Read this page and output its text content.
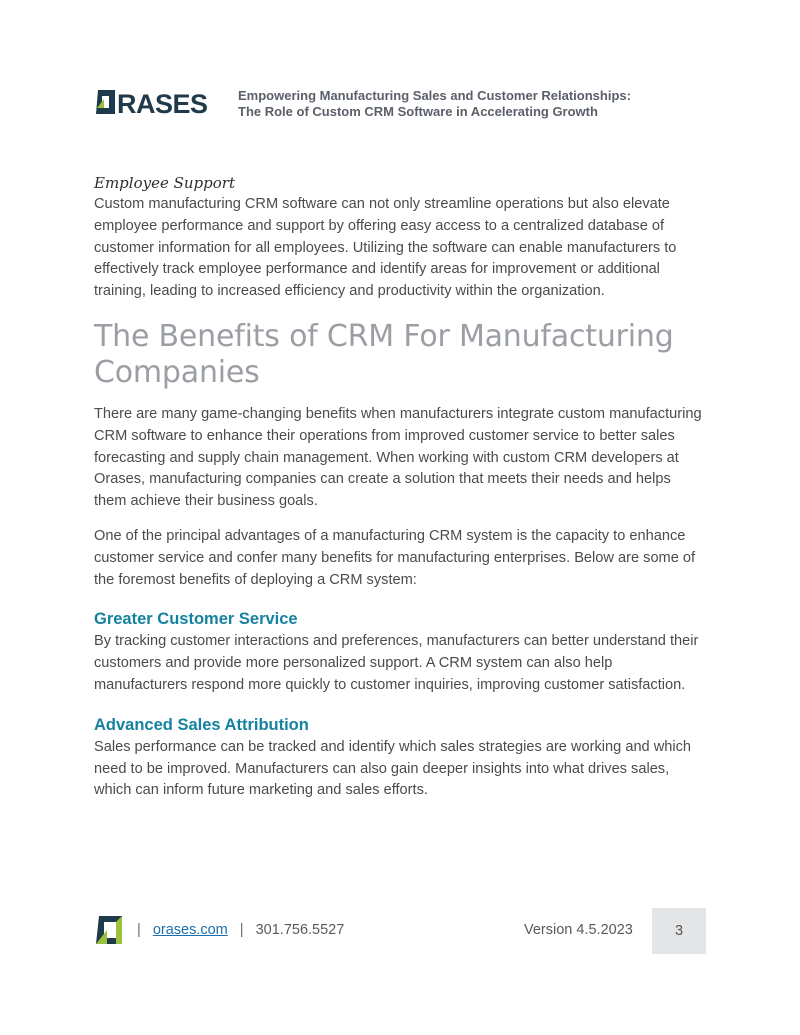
RASES Empowering Manufacturing Sales and Customer Relationships:
The Role of Custom CRM Software in Accelerating Growth
Employee Support

Custom manufacturing CRM software can not only streamline operations but also elevate employee performance and support by offering easy access to a centralized database of customer information for all employees. Utilizing the software can enable manufacturers to effectively track employee performance and identify areas for improvement or additional training, leading to increased efficiency and productivity within the organization.

The Benefits of CRM For Manufacturing Companies

There are many game-changing benefits when manufacturers integrate custom manufacturing CRM software to enhance their operations from improved customer service to better sales forecasting and supply chain management. When working with custom CRM developers at Orases, manufacturing companies can create a solution that meets their needs and helps them achieve their business goals.

One of the principal advantages of a manufacturing CRM system is the capacity to enhance customer service and confer many benefits for manufacturing enterprises. Below are some of the foremost benefits of deploying a CRM system:

Greater Customer Service

By tracking customer interactions and preferences, manufacturers can better understand their customers and provide more personalized support. A CRM system can also help manufacturers respond more quickly to customer inquiries, improving customer satisfaction.

Advanced Sales Attribution

Sales performance can be tracked and identify which sales strategies are working and which need to be improved. Manufacturers can also gain deeper insights into what drives sales, which can inform future marketing and sales efforts.

| orases.com | 301.756.5527	Version 4.5.2023	3
